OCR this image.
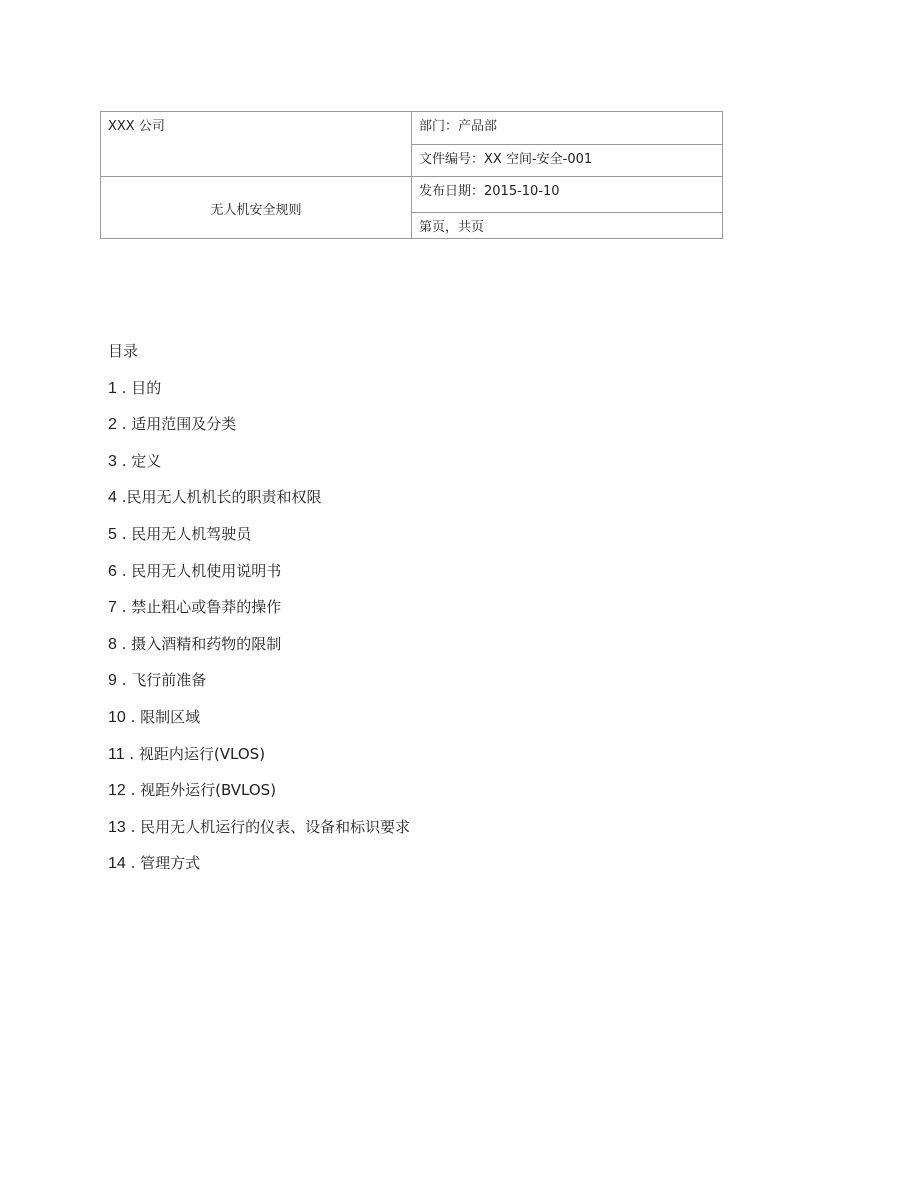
XXX 公司	部门：产品部
	文件编号：XX 空间-安全-001
无人机安全规则	发布日期：2015-10-10
	第页，共页
目录
1 . 目的
2 . 适用范围及分类
3 . 定义
4 .民用无人机机长的职责和权限
5 . 民用无人机驾驶员
6 . 民用无人机使用说明书
7 . 禁止粗心或鲁莽的操作
8 . 摄入酒精和药物的限制
9 . 飞行前准备
10 . 限制区域
11 . 视距内运行(VLOS)
12 . 视距外运行(BVLOS)
13 . 民用无人机运行的仪表、设备和标识要求
14 . 管理方式
